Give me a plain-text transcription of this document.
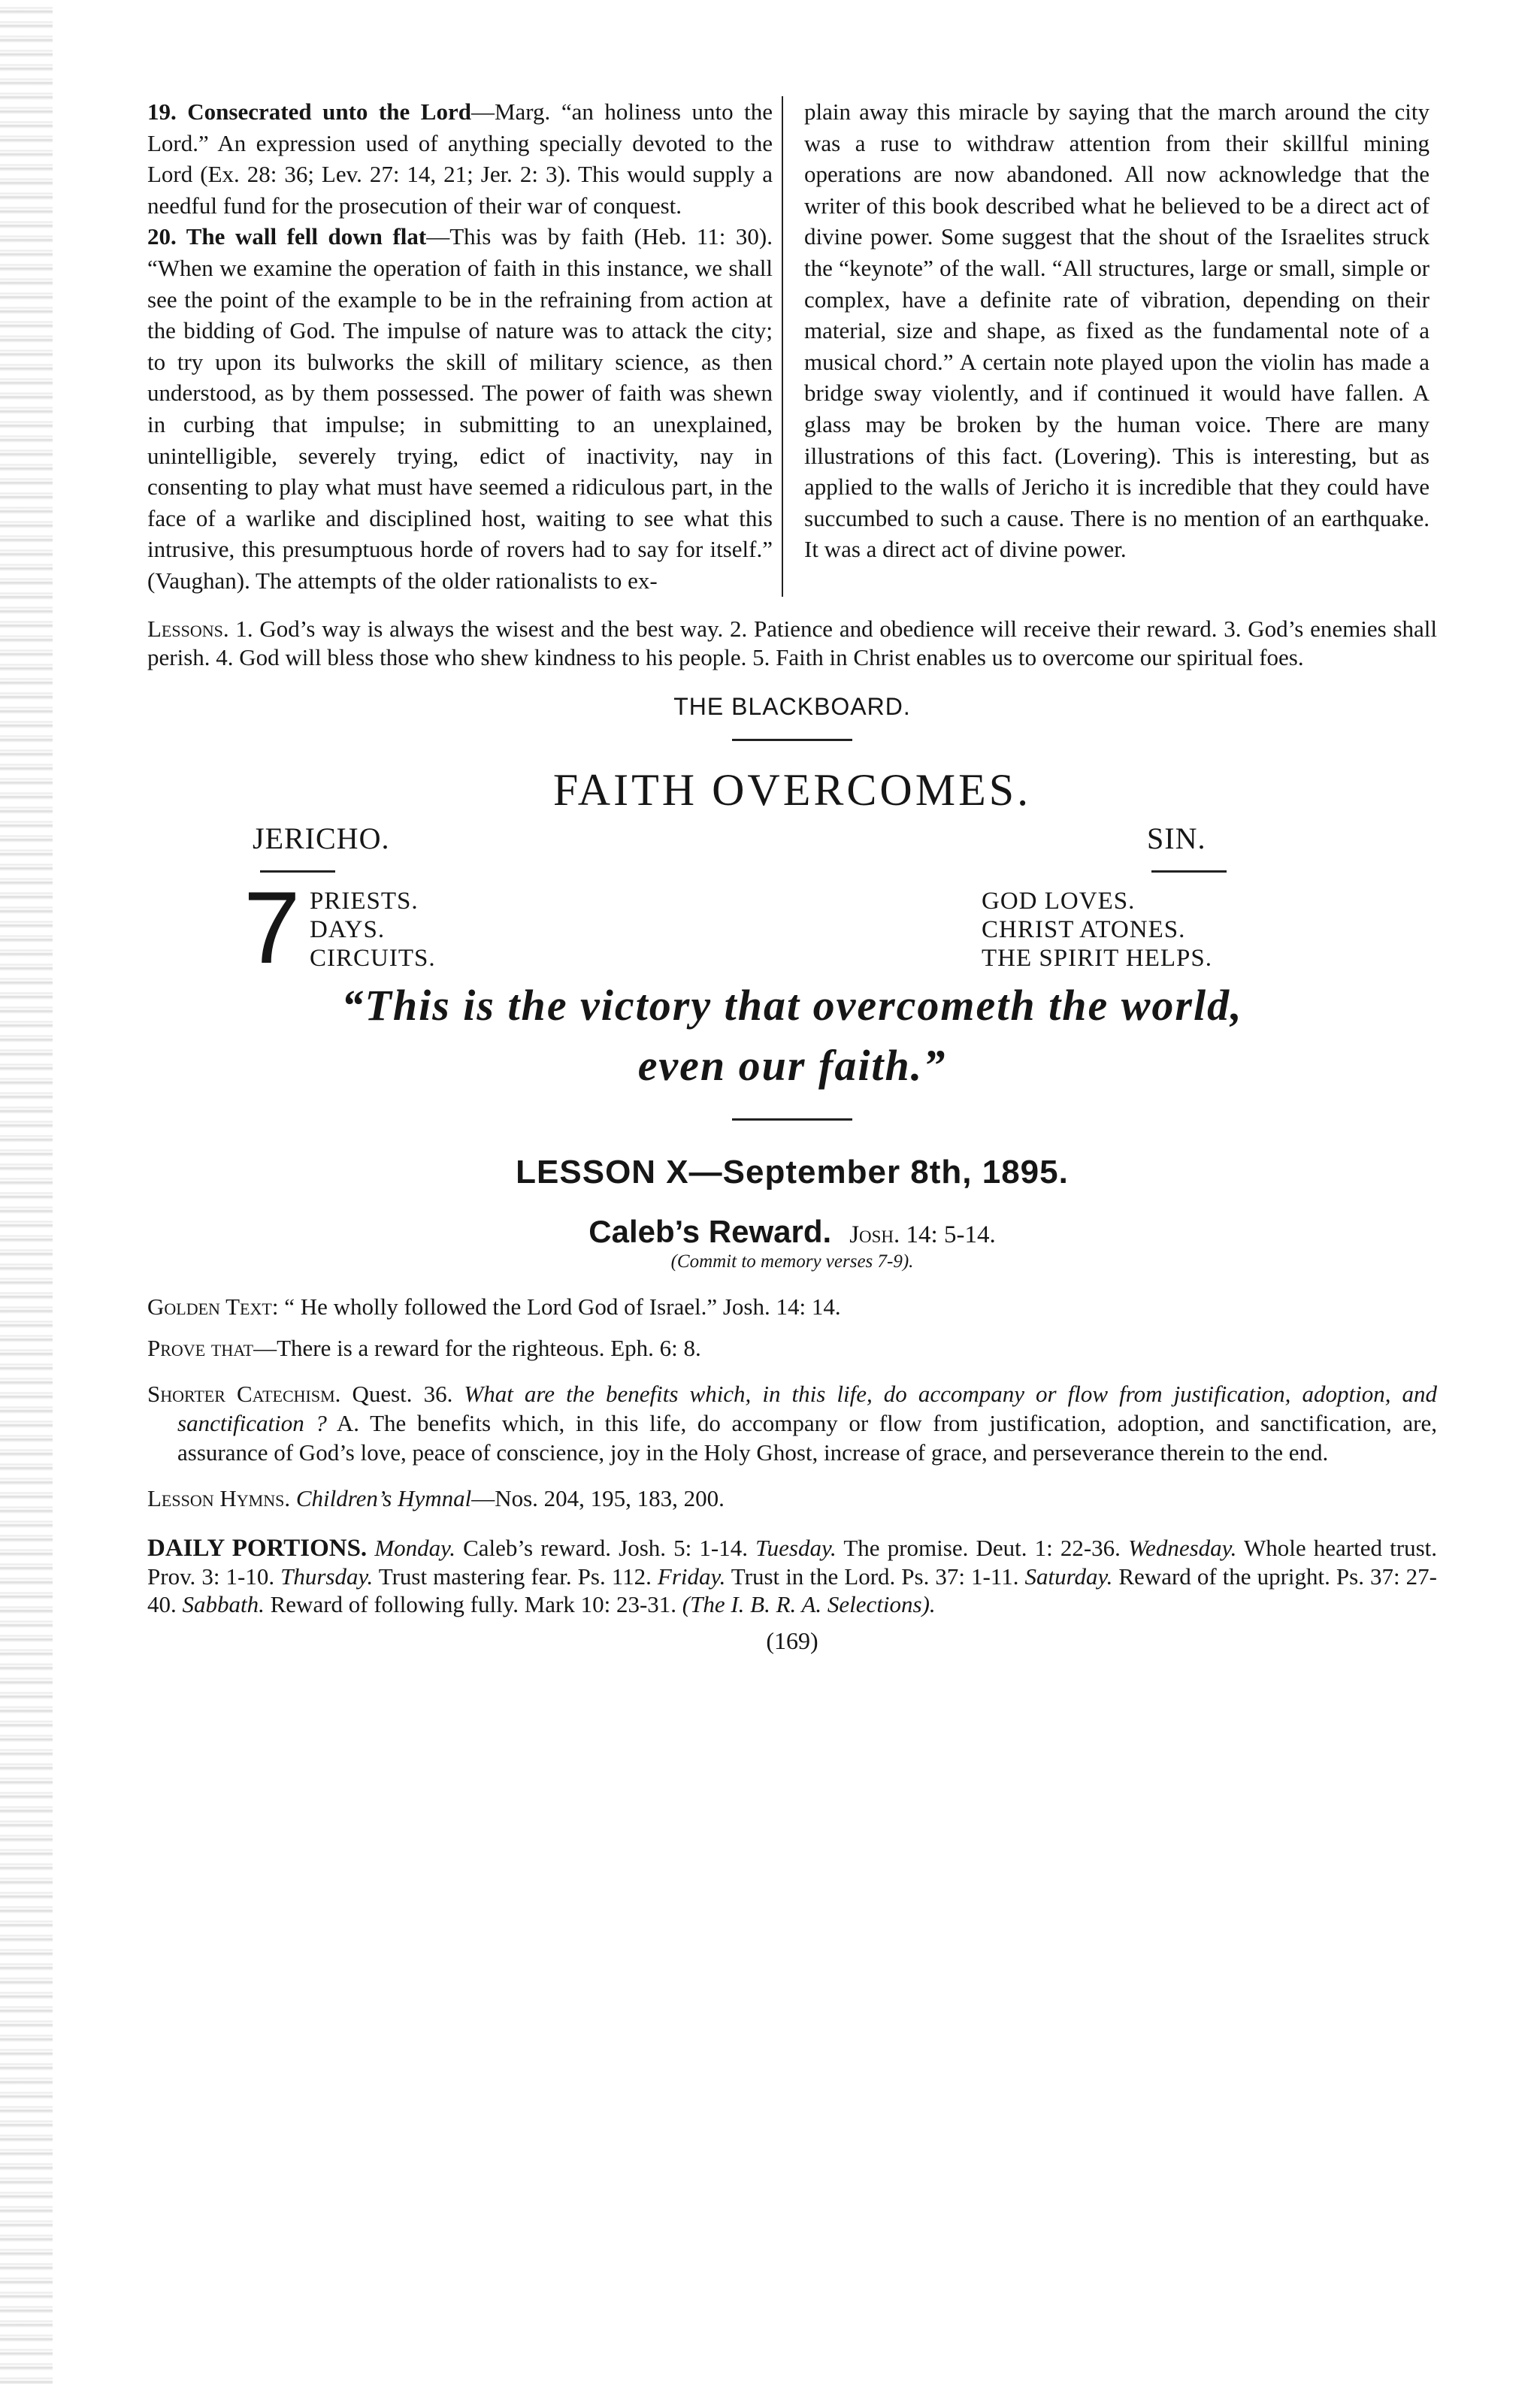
19. Consecrated unto the Lord—Marg. “an holiness unto the Lord.” An expression used of anything specially devoted to the Lord (Ex. 28: 36; Lev. 27: 14, 21; Jer. 2: 3). This would supply a needful fund for the prosecution of their war of conquest.

20. The wall fell down flat—This was by faith (Heb. 11: 30). “When we examine the operation of faith in this instance, we shall see the point of the example to be in the refraining from action at the bidding of God. The impulse of nature was to attack the city; to try upon its bulworks the skill of military science, as then understood, as by them possessed. The power of faith was shewn in curbing that impulse; in submitting to an unexplained, unintelligible, severely trying, edict of inactivity, nay in consenting to play what must have seemed a ridiculous part, in the face of a warlike and disciplined host, waiting to see what this intrusive, this presumptuous horde of rovers had to say for itself.” (Vaughan). The attempts of the older rationalists to ex-

plain away this miracle by saying that the march around the city was a ruse to withdraw attention from their skillful mining operations are now abandoned. All now acknowledge that the writer of this book described what he believed to be a direct act of divine power. Some suggest that the shout of the Israelites struck the “keynote” of the wall. “All structures, large or small, simple or complex, have a definite rate of vibration, depending on their material, size and shape, as fixed as the fundamental note of a musical chord.” A certain note played upon the violin has made a bridge sway violently, and if continued it would have fallen. A glass may be broken by the human voice. There are many illustrations of this fact. (Lovering). This is interesting, but as applied to the walls of Jericho it is incredible that they could have succumbed to such a cause. There is no mention of an earthquake. It was a direct act of divine power.

Lessons. 1. God’s way is always the wisest and the best way. 2. Patience and obedience will receive their reward. 3. God’s enemies shall perish. 4. God will bless those who shew kindness to his people. 5. Faith in Christ enables us to overcome our spiritual foes.
THE BLACKBOARD.
FAITH OVERCOMES.
JERICHO.	SIN.
7 PRIESTS.
DAYS.
CIRCUITS.
GOD LOVES.
CHRIST ATONES.
THE SPIRIT HELPS.
“This is the victory that overcometh the world,
even our faith.”
LESSON X—September 8th, 1895.
Caleb’s Reward. Josh. 14: 5-14.
(Commit to memory verses 7-9).
Golden Text: “ He wholly followed the Lord God of Israel.” Josh. 14: 14.
Prove that—There is a reward for the righteous. Eph. 6: 8.
Shorter Catechism. Quest. 36. What are the benefits which, in this life, do accompany or flow from justification, adoption, and sanctification ? A. The benefits which, in this life, do accompany or flow from justification, adoption, and sanctification, are, assurance of God’s love, peace of conscience, joy in the Holy Ghost, increase of grace, and perseverance therein to the end.
Lesson Hymns. Children’s Hymnal—Nos. 204, 195, 183, 200.
DAILY PORTIONS. Monday. Caleb’s reward. Josh. 5: 1-14. Tuesday. The promise. Deut. 1: 22-36. Wednesday. Whole hearted trust. Prov. 3: 1-10. Thursday. Trust mastering fear. Ps. 112. Friday. Trust in the Lord. Ps. 37: 1-11. Saturday. Reward of the upright. Ps. 37: 27-40. Sabbath. Reward of following fully. Mark 10: 23-31. (The I. B. R. A. Selections).
(169)
